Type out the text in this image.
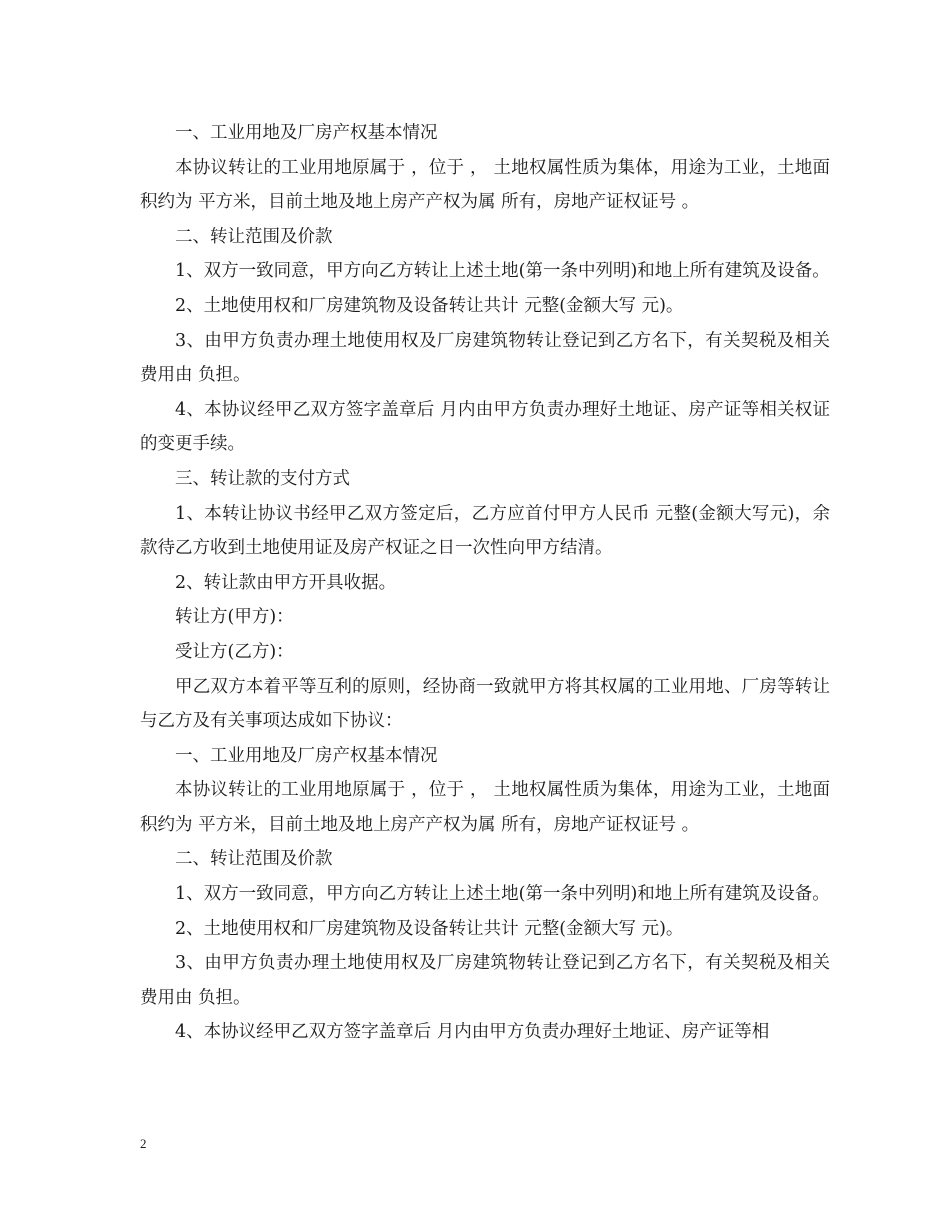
一、工业用地及厂房产权基本情况

本协议转让的工业用地原属于 ，位于 ， 土地权属性质为集体，用途为工业，土地面积约为 平方米，目前土地及地上房产产权为属 所有，房地产证权证号 。

二、转让范围及价款

1、双方一致同意，甲方向乙方转让上述土地(第一条中列明)和地上所有建筑及设备。

2、土地使用权和厂房建筑物及设备转让共计 元整(金额大写 元)。

3、由甲方负责办理土地使用权及厂房建筑物转让登记到乙方名下，有关契税及相关费用由 负担。

4、本协议经甲乙双方签字盖章后 月内由甲方负责办理好土地证、房产证等相关权证的变更手续。

三、转让款的支付方式

1、本转让协议书经甲乙双方签定后，乙方应首付甲方人民币 元整(金额大写元)，余款待乙方收到土地使用证及房产权证之日一次性向甲方结清。

2、转让款由甲方开具收据。

转让方(甲方)：

受让方(乙方)：

甲乙双方本着平等互利的原则，经协商一致就甲方将其权属的工业用地、厂房等转让与乙方及有关事项达成如下协议：

一、工业用地及厂房产权基本情况

本协议转让的工业用地原属于 ，位于 ， 土地权属性质为集体，用途为工业，土地面积约为 平方米，目前土地及地上房产产权为属 所有，房地产证权证号 。

二、转让范围及价款

1、双方一致同意，甲方向乙方转让上述土地(第一条中列明)和地上所有建筑及设备。

2、土地使用权和厂房建筑物及设备转让共计 元整(金额大写 元)。

3、由甲方负责办理土地使用权及厂房建筑物转让登记到乙方名下，有关契税及相关费用由 负担。

4、本协议经甲乙双方签字盖章后 月内由甲方负责办理好土地证、房产证等相

2
